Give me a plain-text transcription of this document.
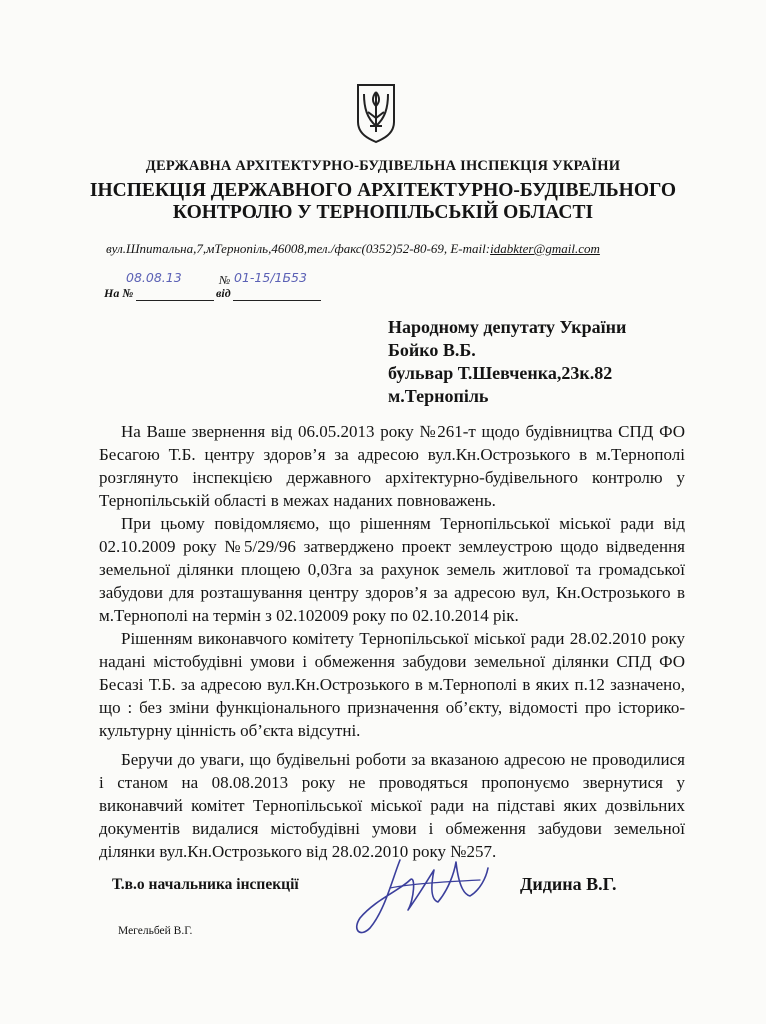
ДЕРЖАВНА АРХІТЕКТУРНО-БУДІВЕЛЬНА ІНСПЕКЦІЯ УКРАЇНИ
ІНСПЕКЦІЯ ДЕРЖАВНОГО АРХІТЕКТУРНО-БУДІВЕЛЬНОГО
КОНТРОЛЮ У ТЕРНОПІЛЬСЬКІЙ ОБЛАСТІ
вул.Шпитальна,7,мТернопіль,46008,тел./факс(0352)52-80-69, E-mail:idabkter@gmail.com
08.08.13	№ 01-15/1Б53
На №	від
Народному депутату України
Бойко В.Б.
бульвар Т.Шевченка,23к.82
м.Тернопіль

На Ваше звернення від 06.05.2013 року №261-т щодо будівництва СПД ФО Бесагою Т.Б. центру здоров’я за адресою вул.Кн.Острозького в м.Тернополі розглянуто інспекцією державного архітектурно-будівельного контролю у Тернопільській області в межах наданих повноважень.

При цьому повідомляємо, що рішенням Тернопільської міської ради від 02.10.2009 року №5/29/96 затверджено проект землеустрою щодо відведення земельної ділянки площею 0,03га за рахунок земель житлової та громадської забудови для розташування центру здоров’я за адресою вул, Кн.Острозького в м.Тернополі на термін з 02.102009 року по 02.10.2014 рік.

Рішенням виконавчого комітету Тернопільської міської ради 28.02.2010 року надані містобудівні умови і обмеження забудови земельної ділянки СПД ФО Бесазі Т.Б. за адресою вул.Кн.Острозького в м.Тернополі в яких п.12 зазначено, що : без зміни функціонального призначення об’єкту, відомості про історико-культурну цінність об’єкта відсутні.

Беручи до уваги, що будівельні роботи за вказаною адресою не проводилися і станом на 08.08.2013 року не проводяться пропонуємо звернутися у виконавчий комітет Тернопільської міської ради на підставі яких дозвільних документів видалися містобудівні умови і обмеження забудови земельної ділянки вул.Кн.Острозького від 28.02.2010 року №257.

Т.в.о начальника інспекції	Дидина В.Г.
Мегельбей В.Г.
